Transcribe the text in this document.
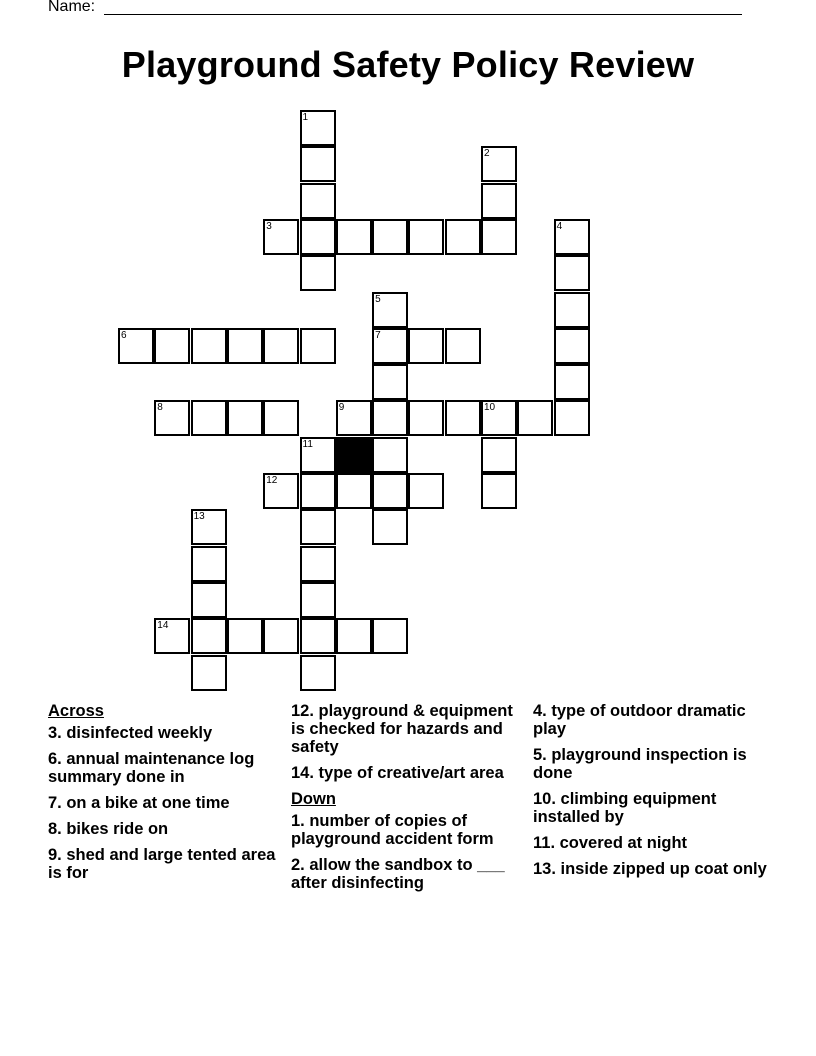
Name:
Playground Safety Policy Review
1
2
3	4
5
7
6
8	9	10
11
12
13
14
Across
3. disinfected weekly
6. annual maintenance log summary done in
7. on a bike at one time
8. bikes ride on
9. shed and large tented area is for
12. playground & equipment is checked for hazards and safety
14. type of creative/art area
Down
1. number of copies of playground accident form
2. allow the sandbox to ___ after disinfecting
4. type of outdoor dramatic play
5. playground inspection is done
10. climbing equipment installed by
11. covered at night
13. inside zipped up coat only
